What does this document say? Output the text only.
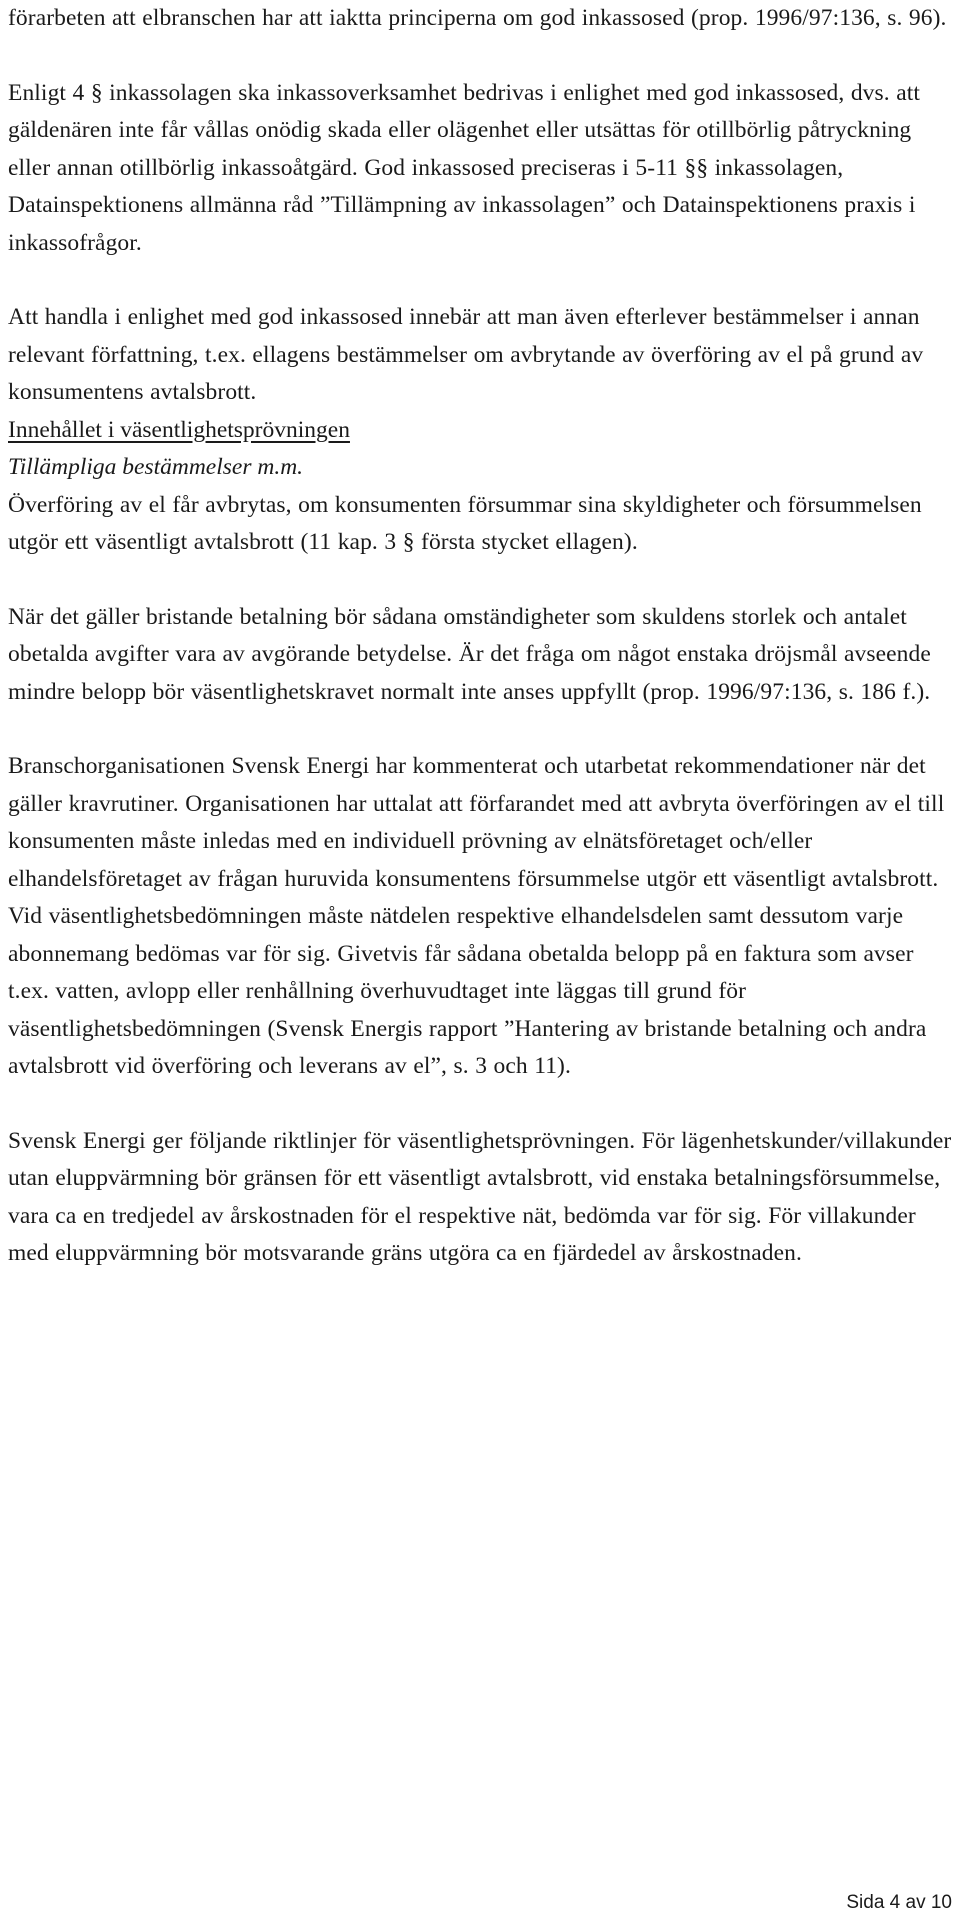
förarbeten att elbranschen har att iaktta principerna om god inkassosed (prop. 1996/97:136, s. 96).

Enligt 4 § inkassolagen ska inkassoverksamhet bedrivas i enlighet med god inkassosed, dvs. att gäldenären inte får vållas onödig skada eller olägenhet eller utsättas för otillbörlig påtryckning eller annan otillbörlig inkassoåtgärd. God inkassosed preciseras i 5-11 §§ inkassolagen, Datainspektionens allmänna råd ”Tillämpning av inkassolagen” och Datainspektionens praxis i inkassofrågor.

Att handla i enlighet med god inkassosed innebär att man även efterlever bestämmelser i annan relevant författning, t.ex. ellagens bestämmelser om avbrytande av överföring av el på grund av konsumentens avtalsbrott.

Innehållet i väsentlighetsprövningen

Tillämpliga bestämmelser m.m.

Överföring av el får avbrytas, om konsumenten försummar sina skyldigheter och försummelsen utgör ett väsentligt avtalsbrott (11 kap. 3 § första stycket ellagen).

När det gäller bristande betalning bör sådana omständigheter som skuldens storlek och antalet obetalda avgifter vara av avgörande betydelse. Är det fråga om något enstaka dröjsmål avseende mindre belopp bör väsentlighetskravet normalt inte anses uppfyllt (prop. 1996/97:136, s. 186 f.).

Branschorganisationen Svensk Energi har kommenterat och utarbetat rekommendationer när det gäller kravrutiner. Organisationen har uttalat att förfarandet med att avbryta överföringen av el till konsumenten måste inledas med en individuell prövning av elnätsföretaget och/eller elhandelsföretaget av frågan huruvida konsumentens försummelse utgör ett väsentligt avtalsbrott. Vid väsentlighetsbedömningen måste nätdelen respektive elhandelsdelen samt dessutom varje abonnemang bedömas var för sig. Givetvis får sådana obetalda belopp på en faktura som avser t.ex. vatten, avlopp eller renhållning överhuvudtaget inte läggas till grund för väsentlighetsbedömningen (Svensk Energis rapport ”Hantering av bristande betalning och andra avtalsbrott vid överföring och leverans av el”, s. 3 och 11).

Svensk Energi ger följande riktlinjer för väsentlighetsprövningen. För lägenhetskunder/villakunder utan eluppvärmning bör gränsen för ett väsentligt avtalsbrott, vid enstaka betalningsförsummelse, vara ca en tredjedel av årskostnaden för el respektive nät, bedömda var för sig. För villakunder med eluppvärmning bör motsvarande gräns utgöra ca en fjärdedel av årskostnaden.

Sida 4 av 10
